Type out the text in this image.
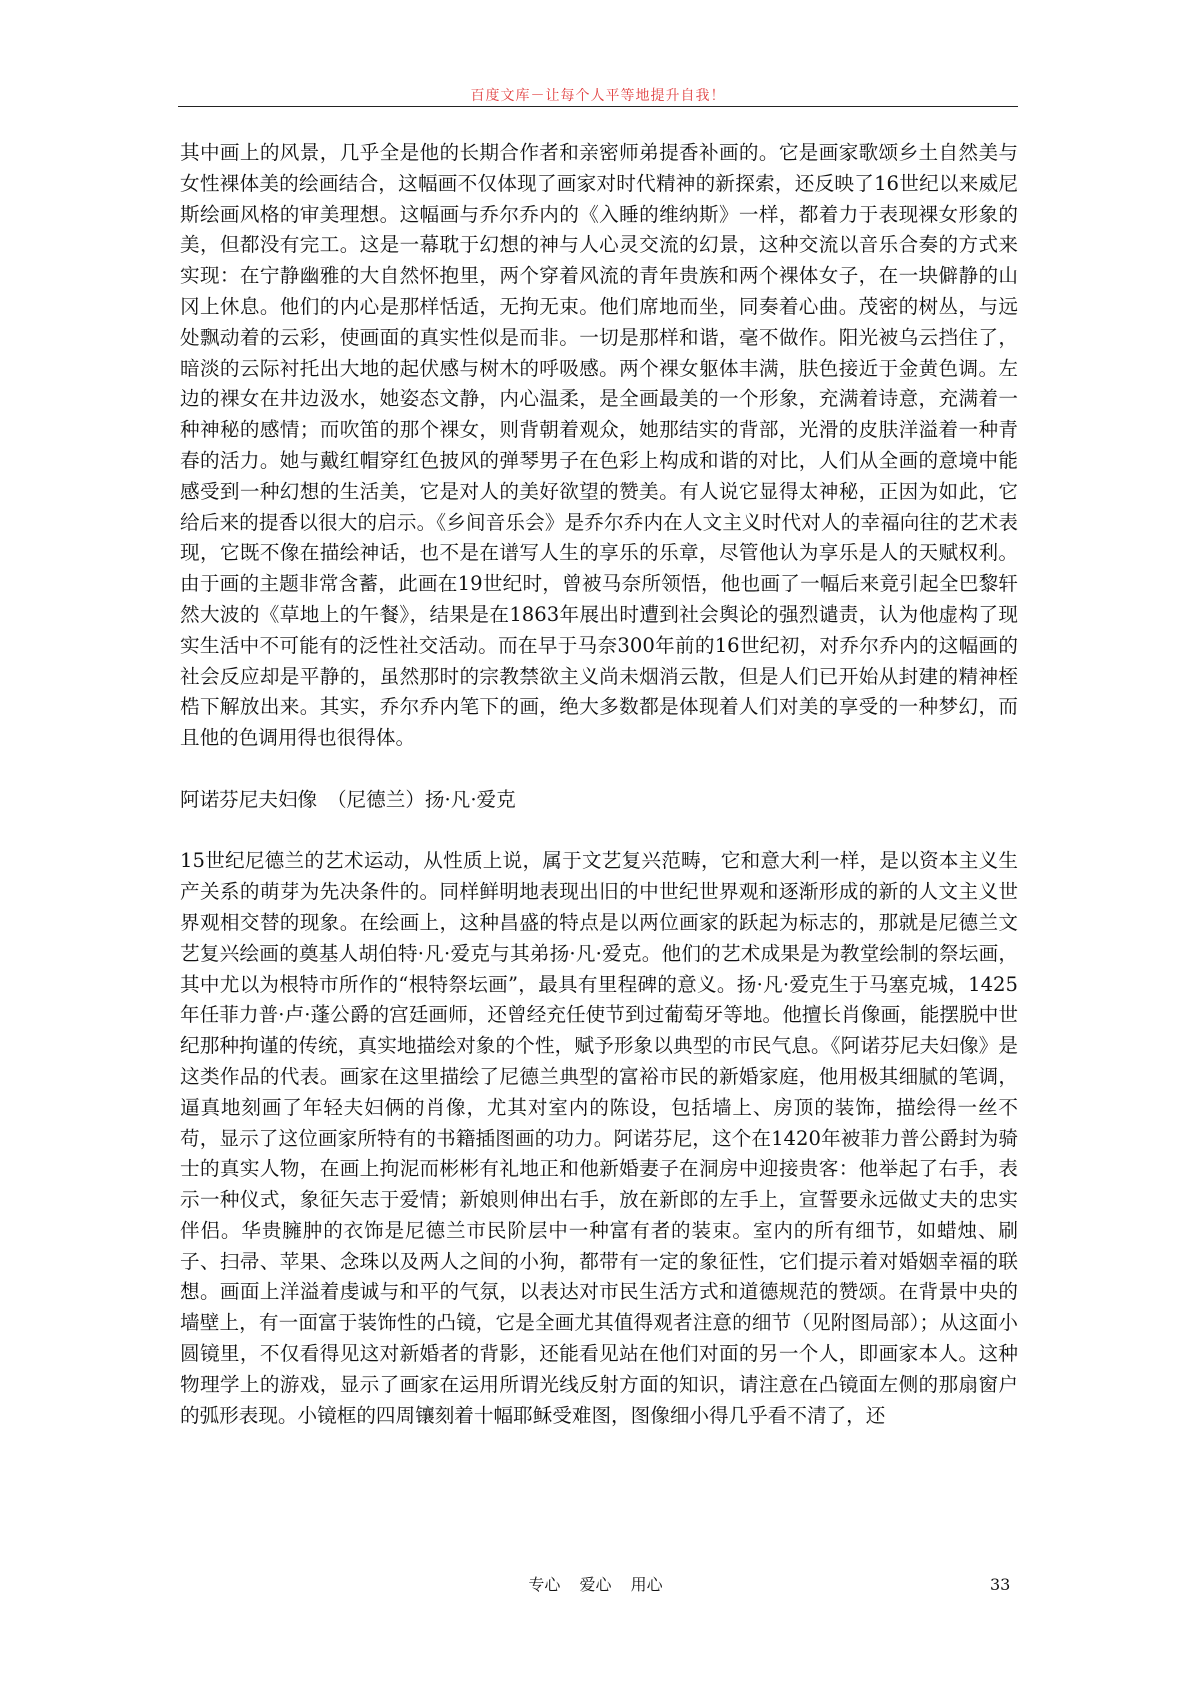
百度文库－让每个人平等地提升自我！

其中画上的风景，几乎全是他的长期合作者和亲密师弟提香补画的。它是画家歌颂乡土自然美与女性裸体美的绘画结合，这幅画不仅体现了画家对时代精神的新探索，还反映了16世纪以来威尼斯绘画风格的审美理想。这幅画与乔尔乔内的《入睡的维纳斯》一样，都着力于表现裸女形象的美，但都没有完工。这是一幕耽于幻想的神与人心灵交流的幻景，这种交流以音乐合奏的方式来实现：在宁静幽雅的大自然怀抱里，两个穿着风流的青年贵族和两个裸体女子，在一块僻静的山冈上休息。他们的内心是那样恬适，无拘无束。他们席地而坐，同奏着心曲。茂密的树丛，与远处飘动着的云彩，使画面的真实性似是而非。一切是那样和谐，毫不做作。阳光被乌云挡住了，暗淡的云际衬托出大地的起伏感与树木的呼吸感。两个裸女躯体丰满，肤色接近于金黄色调。左边的裸女在井边汲水，她姿态文静，内心温柔，是全画最美的一个形象，充满着诗意，充满着一种神秘的感情；而吹笛的那个裸女，则背朝着观众，她那结实的背部，光滑的皮肤洋溢着一种青春的活力。她与戴红帽穿红色披风的弹琴男子在色彩上构成和谐的对比，人们从全画的意境中能感受到一种幻想的生活美，它是对人的美好欲望的赞美。有人说它显得太神秘，正因为如此，它给后来的提香以很大的启示。《乡间音乐会》是乔尔乔内在人文主义时代对人的幸福向往的艺术表现，它既不像在描绘神话，也不是在谱写人生的享乐的乐章，尽管他认为享乐是人的天赋权利。由于画的主题非常含蓄，此画在19世纪时，曾被马奈所领悟，他也画了一幅后来竟引起全巴黎轩然大波的《草地上的午餐》，结果是在1863年展出时遭到社会舆论的强烈谴责，认为他虚构了现实生活中不可能有的泛性社交活动。而在早于马奈300年前的16世纪初，对乔尔乔内的这幅画的社会反应却是平静的，虽然那时的宗教禁欲主义尚未烟消云散，但是人们已开始从封建的精神桎梏下解放出来。其实，乔尔乔内笔下的画，绝大多数都是体现着人们对美的享受的一种梦幻，而且他的色调用得也很得体。

阿诺芬尼夫妇像　（尼德兰）扬·凡·爱克

15世纪尼德兰的艺术运动，从性质上说，属于文艺复兴范畴，它和意大利一样，是以资本主义生产关系的萌芽为先决条件的。同样鲜明地表现出旧的中世纪世界观和逐渐形成的新的人文主义世界观相交替的现象。在绘画上，这种昌盛的特点是以两位画家的跃起为标志的，那就是尼德兰文艺复兴绘画的奠基人胡伯特·凡·爱克与其弟扬·凡·爱克。他们的艺术成果是为教堂绘制的祭坛画，其中尤以为根特市所作的“根特祭坛画”，最具有里程碑的意义。扬·凡·爱克生于马塞克城，1425年任菲力普·卢·蓬公爵的宫廷画师，还曾经充任使节到过葡萄牙等地。他擅长肖像画，能摆脱中世纪那种拘谨的传统，真实地描绘对象的个性，赋予形象以典型的市民气息。《阿诺芬尼夫妇像》是这类作品的代表。画家在这里描绘了尼德兰典型的富裕市民的新婚家庭，他用极其细腻的笔调，逼真地刻画了年轻夫妇俩的肖像，尤其对室内的陈设，包括墙上、房顶的装饰，描绘得一丝不苟，显示了这位画家所特有的书籍插图画的功力。阿诺芬尼，这个在1420年被菲力普公爵封为骑士的真实人物，在画上拘泥而彬彬有礼地正和他新婚妻子在洞房中迎接贵客：他举起了右手，表示一种仪式，象征矢志于爱情；新娘则伸出右手，放在新郎的左手上，宣誓要永远做丈夫的忠实伴侣。华贵臃肿的衣饰是尼德兰市民阶层中一种富有者的装束。室内的所有细节，如蜡烛、刷子、扫帚、苹果、念珠以及两人之间的小狗，都带有一定的象征性，它们提示着对婚姻幸福的联想。画面上洋溢着虔诚与和平的气氛，以表达对市民生活方式和道德规范的赞颂。在背景中央的墙壁上，有一面富于装饰性的凸镜，它是全画尤其值得观者注意的细节（见附图局部）；从这面小圆镜里，不仅看得见这对新婚者的背影，还能看见站在他们对面的另一个人，即画家本人。这种物理学上的游戏，显示了画家在运用所谓光线反射方面的知识，请注意在凸镜面左侧的那扇窗户的弧形表现。小镜框的四周镶刻着十幅耶稣受难图，图像细小得几乎看不清了，还

专心 爱心 用心	33
